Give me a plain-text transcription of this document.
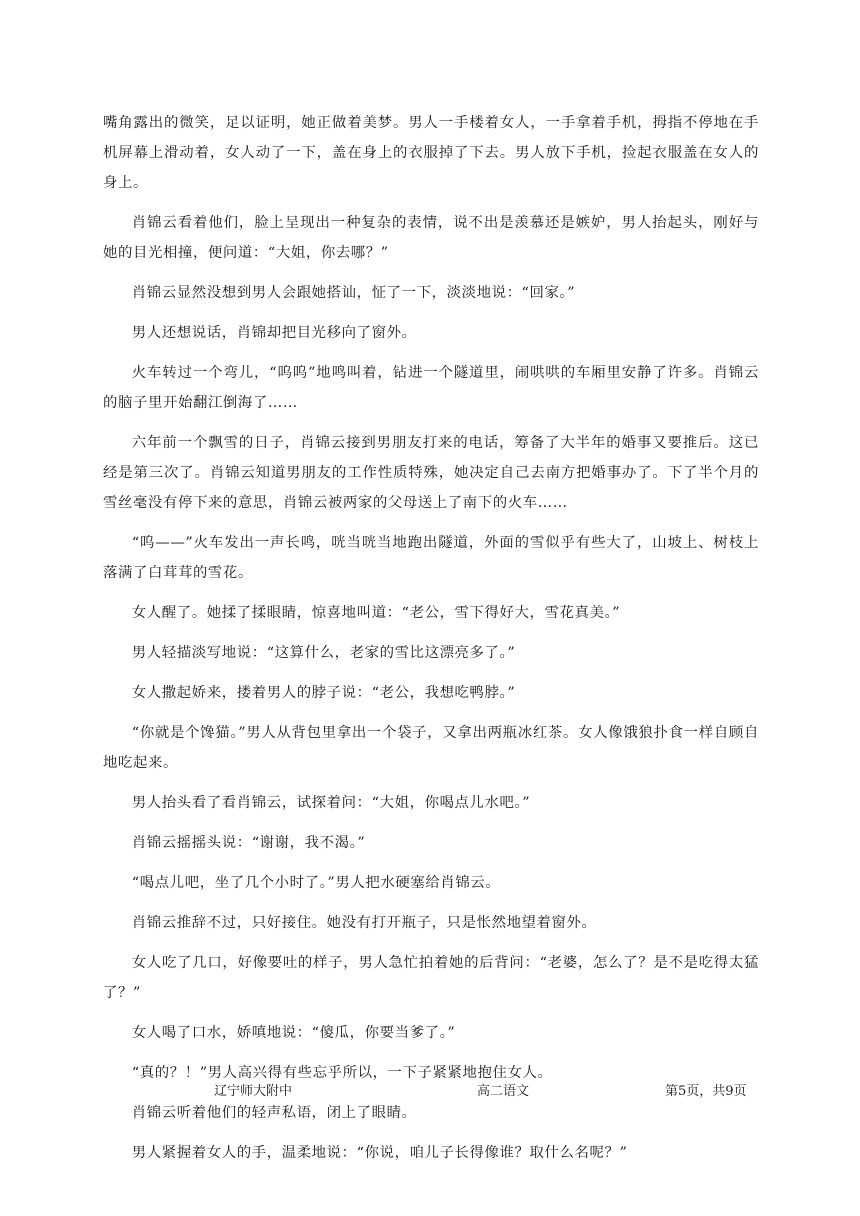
嘴角露出的微笑，足以证明，她正做着美梦。男人一手楼着女人，一手拿着手机，拇指不停地在手机屏幕上滑动着，女人动了一下，盖在身上的衣服掉了下去。男人放下手机，捡起衣服盖在女人的身上。

肖锦云看着他们，脸上呈现出一种复杂的表情，说不出是羡慕还是嫉妒，男人抬起头，刚好与她的目光相撞，便问道：“大姐，你去哪？”

肖锦云显然没想到男人会跟她搭讪，怔了一下，淡淡地说：“回家。”

男人还想说话，肖锦却把目光移向了窗外。

火车转过一个弯儿，“呜呜”地鸣叫着，钻进一个隧道里，闹哄哄的车厢里安静了许多。肖锦云的脑子里开始翻江倒海了……

六年前一个飘雪的日子，肖锦云接到男朋友打来的电话，筹备了大半年的婚事又要推后。这已经是第三次了。肖锦云知道男朋友的工作性质特殊，她决定自己去南方把婚事办了。下了半个月的雪丝毫没有停下来的意思，肖锦云被两家的父母送上了南下的火车……

“呜——”火车发出一声长鸣，咣当咣当地跑出隧道，外面的雪似乎有些大了，山坡上、树枝上落满了白茸茸的雪花。

女人醒了。她揉了揉眼睛，惊喜地叫道：“老公，雪下得好大，雪花真美。”

男人轻描淡写地说：“这算什么，老家的雪比这漂亮多了。”

女人撒起娇来，搂着男人的脖子说：“老公，我想吃鸭脖。”

“你就是个馋猫。”男人从背包里拿出一个袋子，又拿出两瓶冰红茶。女人像饿狼扑食一样自顾自地吃起来。

男人抬头看了看肖锦云，试探着问：“大姐，你喝点儿水吧。”

肖锦云摇摇头说：“谢谢，我不渴。”

“喝点儿吧，坐了几个小时了。”男人把水硬塞给肖锦云。

肖锦云推辞不过，只好接住。她没有打开瓶子，只是怅然地望着窗外。

女人吃了几口，好像要吐的样子，男人急忙拍着她的后背问：“老婆，怎么了？是不是吃得太猛了？”

女人喝了口水，娇嗔地说：“傻瓜，你要当爹了。”

“真的？！”男人高兴得有些忘乎所以，一下子紧紧地抱住女人。

肖锦云听着他们的轻声私语，闭上了眼睛。

男人紧握着女人的手，温柔地说：“你说，咱儿子长得像谁？取什么名呢？”

辽宁师大附中	高二语文	第5页，共9页
